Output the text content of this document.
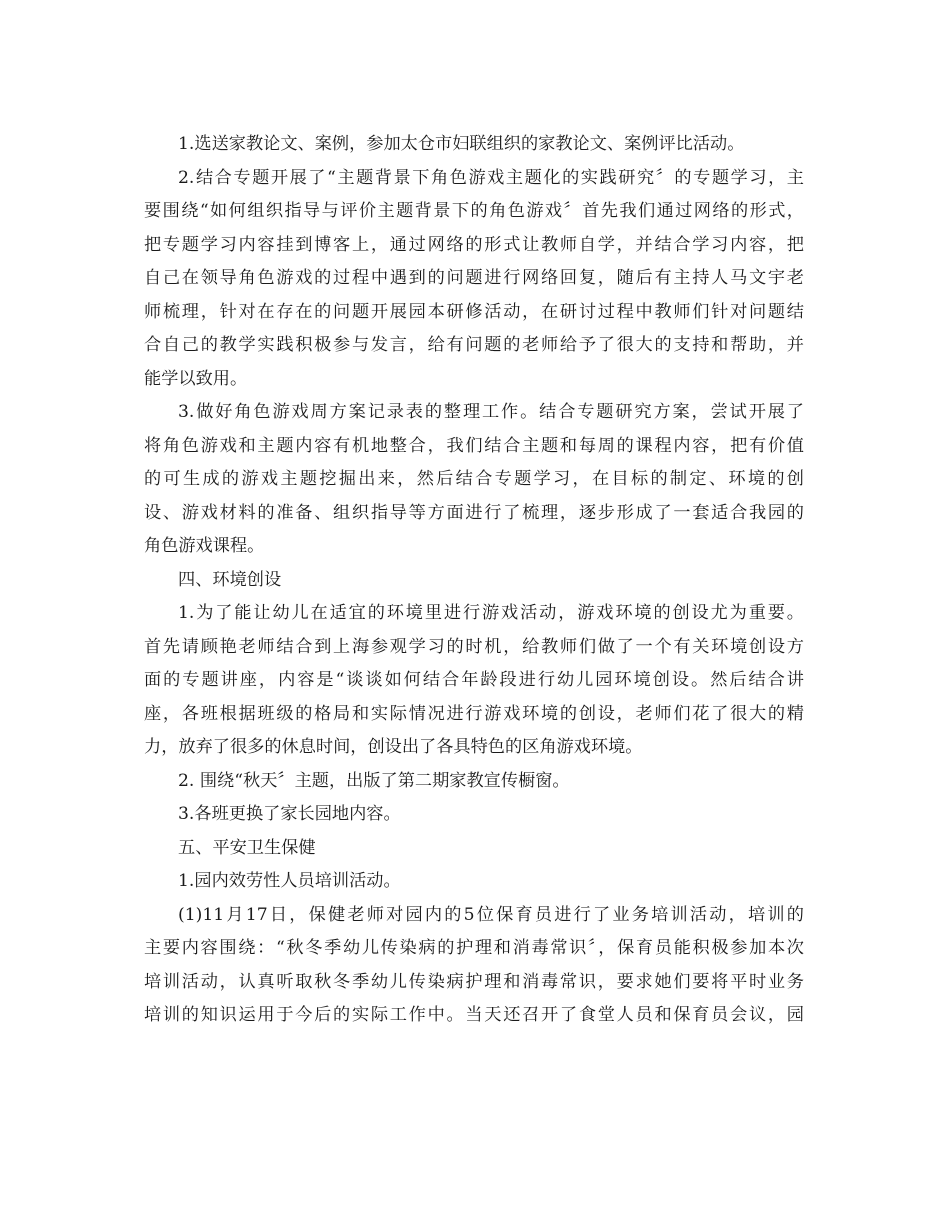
1.选送家教论文、案例，参加太仓市妇联组织的家教论文、案例评比活动。
2.结合专题开展了“主题背景下角色游戏主题化的实践研究〞的专题学习，主
要围绕“如何组织指导与评价主题背景下的角色游戏〞首先我们通过网络的形式，
把专题学习内容挂到博客上，通过网络的形式让教师自学，并结合学习内容，把
自己在领导角色游戏的过程中遇到的问题进行网络回复，随后有主持人马文宇老
师梳理，针对在存在的问题开展园本研修活动，在研讨过程中教师们针对问题结
合自己的教学实践积极参与发言，给有问题的老师给予了很大的支持和帮助，并
能学以致用。
3.做好角色游戏周方案记录表的整理工作。结合专题研究方案，尝试开展了
将角色游戏和主题内容有机地整合，我们结合主题和每周的课程内容，把有价值
的可生成的游戏主题挖掘出来，然后结合专题学习，在目标的制定、环境的创
设、游戏材料的准备、组织指导等方面进行了梳理，逐步形成了一套适合我园的
角色游戏课程。
四、环境创设
1.为了能让幼儿在适宜的环境里进行游戏活动，游戏环境的创设尤为重要。
首先请顾艳老师结合到上海参观学习的时机，给教师们做了一个有关环境创设方
面的专题讲座，内容是“谈谈如何结合年龄段进行幼儿园环境创设。然后结合讲
座，各班根据班级的格局和实际情况进行游戏环境的创设，老师们花了很大的精
力，放弃了很多的休息时间，创设出了各具特色的区角游戏环境。
2. 围绕“秋天〞主题，出版了第二期家教宣传橱窗。
3.各班更换了家长园地内容。
五、平安卫生保健
1.园内效劳性人员培训活动。
(1)11月17日，保健老师对园内的5位保育员进行了业务培训活动，培训的
主要内容围绕：“秋冬季幼儿传染病的护理和消毒常识〞，保育员能积极参加本次
培训活动，认真听取秋冬季幼儿传染病护理和消毒常识，要求她们要将平时业务
培训的知识运用于今后的实际工作中。当天还召开了食堂人员和保育员会议，园
